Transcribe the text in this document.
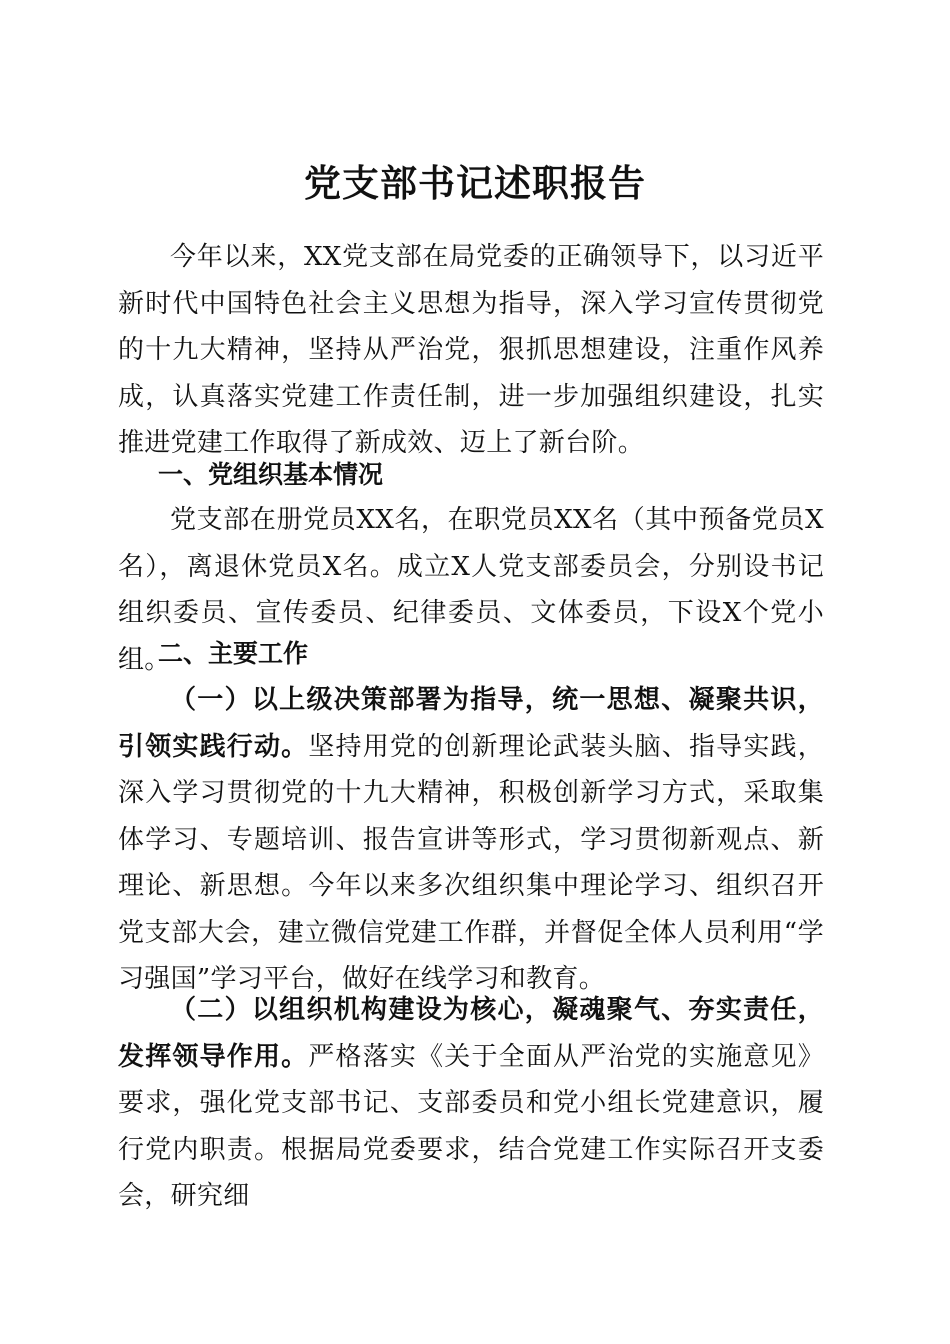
党支部书记述职报告

今年以来，XX党支部在局党委的正确领导下，以习近平新时代中国特色社会主义思想为指导，深入学习宣传贯彻党的十九大精神，坚持从严治党，狠抓思想建设，注重作风养成，认真落实党建工作责任制，进一步加强组织建设，扎实推进党建工作取得了新成效、迈上了新台阶。

一、党组织基本情况

党支部在册党员XX名，在职党员XX名（其中预备党员X名），离退休党员X名。成立X人党支部委员会，分别设书记组织委员、宣传委员、纪律委员、文体委员，下设X个党小组。

二、主要工作

（一）以上级决策部署为指导，统一思想、凝聚共识，引领实践行动。坚持用党的创新理论武装头脑、指导实践，深入学习贯彻党的十九大精神，积极创新学习方式，采取集体学习、专题培训、报告宣讲等形式，学习贯彻新观点、新理论、新思想。今年以来多次组织集中理论学习、组织召开党支部大会，建立微信党建工作群，并督促全体人员利用“学习强国”学习平台，做好在线学习和教育。

（二）以组织机构建设为核心，凝魂聚气、夯实责任，发挥领导作用。严格落实《关于全面从严治党的实施意见》要求，强化党支部书记、支部委员和党小组长党建意识，履行党内职责。根据局党委要求，结合党建工作实际召开支委会，研究细
